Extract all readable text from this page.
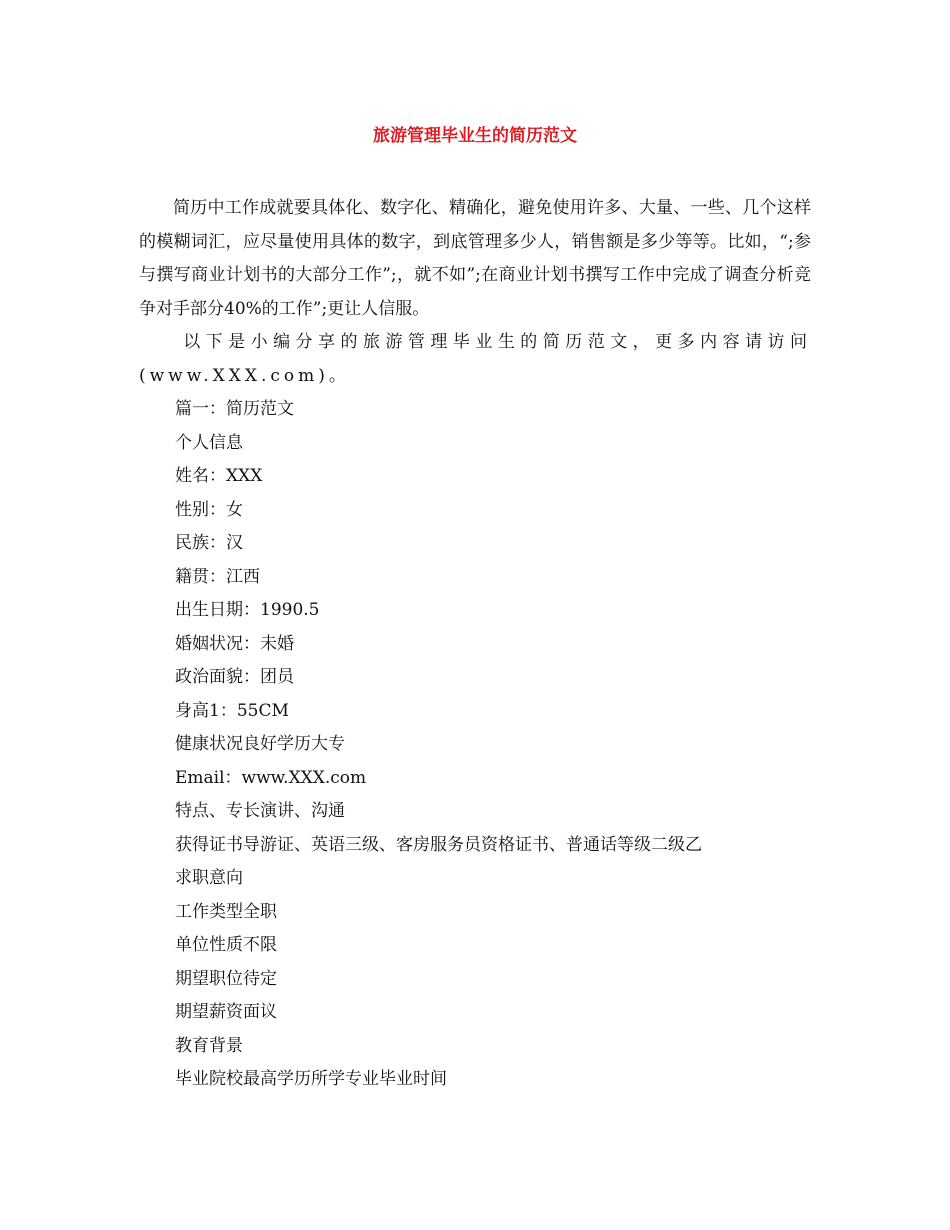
旅游管理毕业生的简历范文

简历中工作成就要具体化、数字化、精确化，避免使用许多、大量、一些、几个这样的模糊词汇，应尽量使用具体的数字，到底管理多少人，销售额是多少等等。比如，“;参与撰写商业计划书的大部分工作”;，就不如”;在商业计划书撰写工作中完成了调查分析竞争对手部分40%的工作”;更让人信服。

以下是小编分享的旅游管理毕业生的简历范文，更多内容请访问(www.XXX.com)。

篇一：简历范文

个人信息

姓名：XXX

性别：女

民族：汉

籍贯：江西

出生日期：1990.5

婚姻状况：未婚

政治面貌：团员

身高1：55CM

健康状况良好学历大专

Email：www.XXX.com

特点、专长演讲、沟通

获得证书导游证、英语三级、客房服务员资格证书、普通话等级二级乙

求职意向

工作类型全职

单位性质不限

期望职位待定

期望薪资面议

教育背景

毕业院校最高学历所学专业毕业时间
